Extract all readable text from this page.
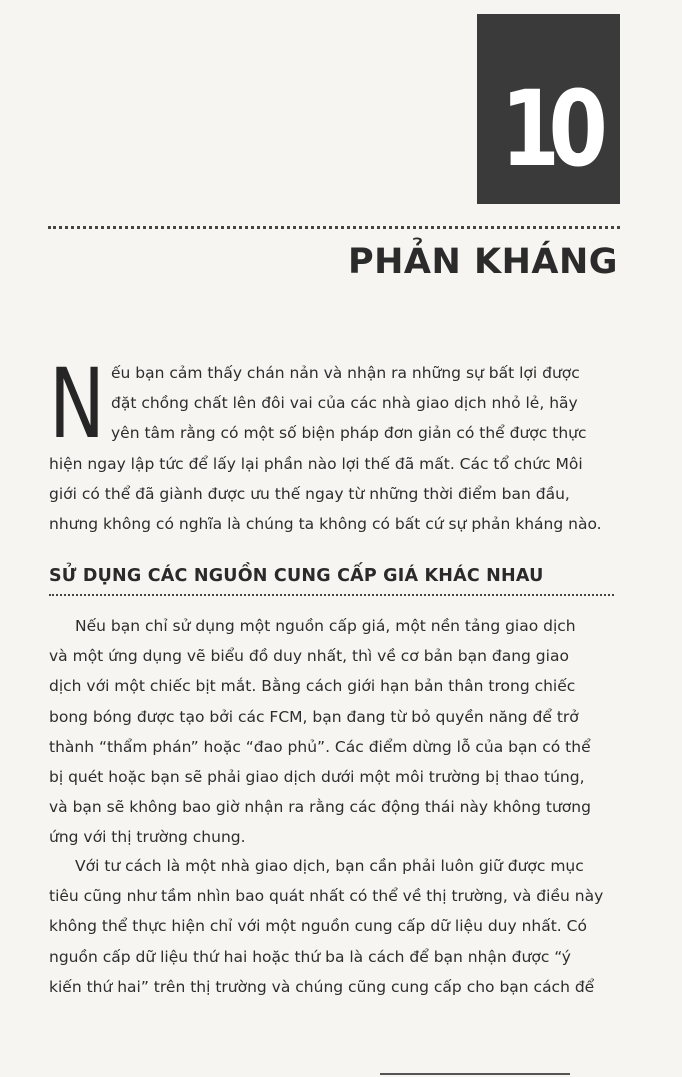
10
PHẢN KHÁNG
N ếu bạn cảm thấy chán nản và nhận ra những sự bất lợi được
đặt chồng chất lên đôi vai của các nhà giao dịch nhỏ lẻ, hãy
yên tâm rằng có một số biện pháp đơn giản có thể được thực
hiện ngay lập tức để lấy lại phần nào lợi thế đã mất. Các tổ chức Môi
giới có thể đã giành được ưu thế ngay từ những thời điểm ban đầu,
nhưng không có nghĩa là chúng ta không có bất cứ sự phản kháng nào.
SỬ DỤNG CÁC NGUỒN CUNG CẤP GIÁ KHÁC NHAU
Nếu bạn chỉ sử dụng một nguồn cấp giá, một nền tảng giao dịch
và một ứng dụng vẽ biểu đồ duy nhất, thì về cơ bản bạn đang giao
dịch với một chiếc bịt mắt. Bằng cách giới hạn bản thân trong chiếc
bong bóng được tạo bởi các FCM, bạn đang từ bỏ quyền năng để trở
thành “thẩm phán” hoặc “đao phủ”. Các điểm dừng lỗ của bạn có thể
bị quét hoặc bạn sẽ phải giao dịch dưới một môi trường bị thao túng,
và bạn sẽ không bao giờ nhận ra rằng các động thái này không tương
ứng với thị trường chung.
Với tư cách là một nhà giao dịch, bạn cần phải luôn giữ được mục
tiêu cũng như tầm nhìn bao quát nhất có thể về thị trường, và điều này
không thể thực hiện chỉ với một nguồn cung cấp dữ liệu duy nhất. Có
nguồn cấp dữ liệu thứ hai hoặc thứ ba là cách để bạn nhận được “ý
kiến thứ hai” trên thị trường và chúng cũng cung cấp cho bạn cách để
